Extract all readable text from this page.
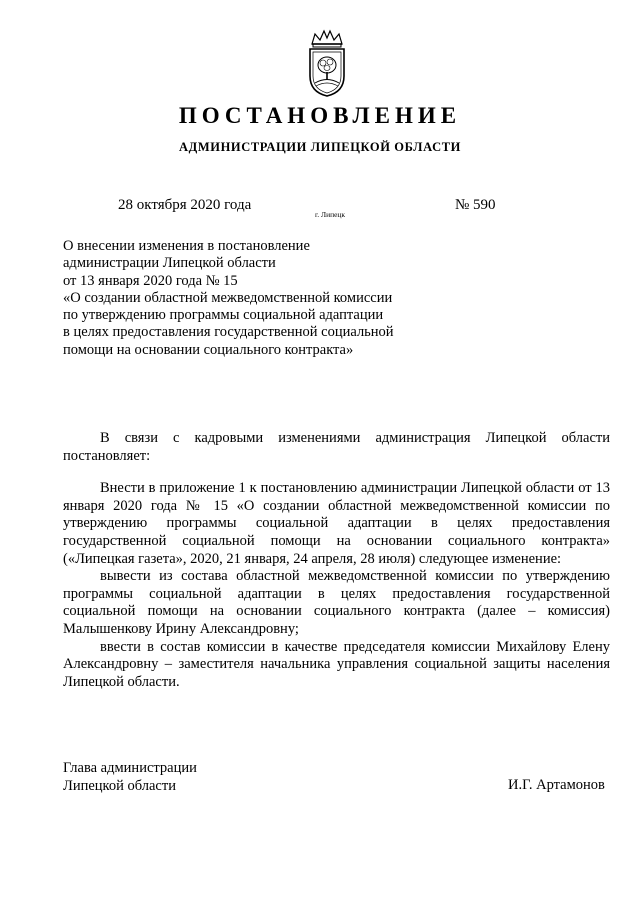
ПОСТАНОВЛЕНИЕ
АДМИНИСТРАЦИИ ЛИПЕЦКОЙ ОБЛАСТИ
28 октября 2020 года
г. Липецк
№ 590
О внесении изменения в постановление
администрации Липецкой области
от 13 января 2020 года № 15
«О создании областной межведомственной комиссии
по утверждению программы социальной адаптации
в целях предоставления государственной социальной
помощи на основании социального контракта»

В связи с кадровыми изменениями администрация Липецкой области постановляет:

Внести в приложение 1 к постановлению администрации Липецкой области от 13 января 2020 года № 15 «О создании областной межведомственной комиссии по утверждению программы социальной адаптации в целях предоставления государственной социальной помощи на основании социального контракта» («Липецкая газета», 2020, 21 января, 24 апреля, 28 июля) следующее изменение:

вывести из состава областной межведомственной комиссии по утверждению программы социальной адаптации в целях предоставления государственной социальной помощи на основании социального контракта (далее – комиссия) Малышенкову Ирину Александровну;

ввести в состав комиссии в качестве председателя комиссии Михайлову Елену Александровну – заместителя начальника управления социальной защиты населения Липецкой области.

Глава администрации
Липецкой области	И.Г. Артамонов
